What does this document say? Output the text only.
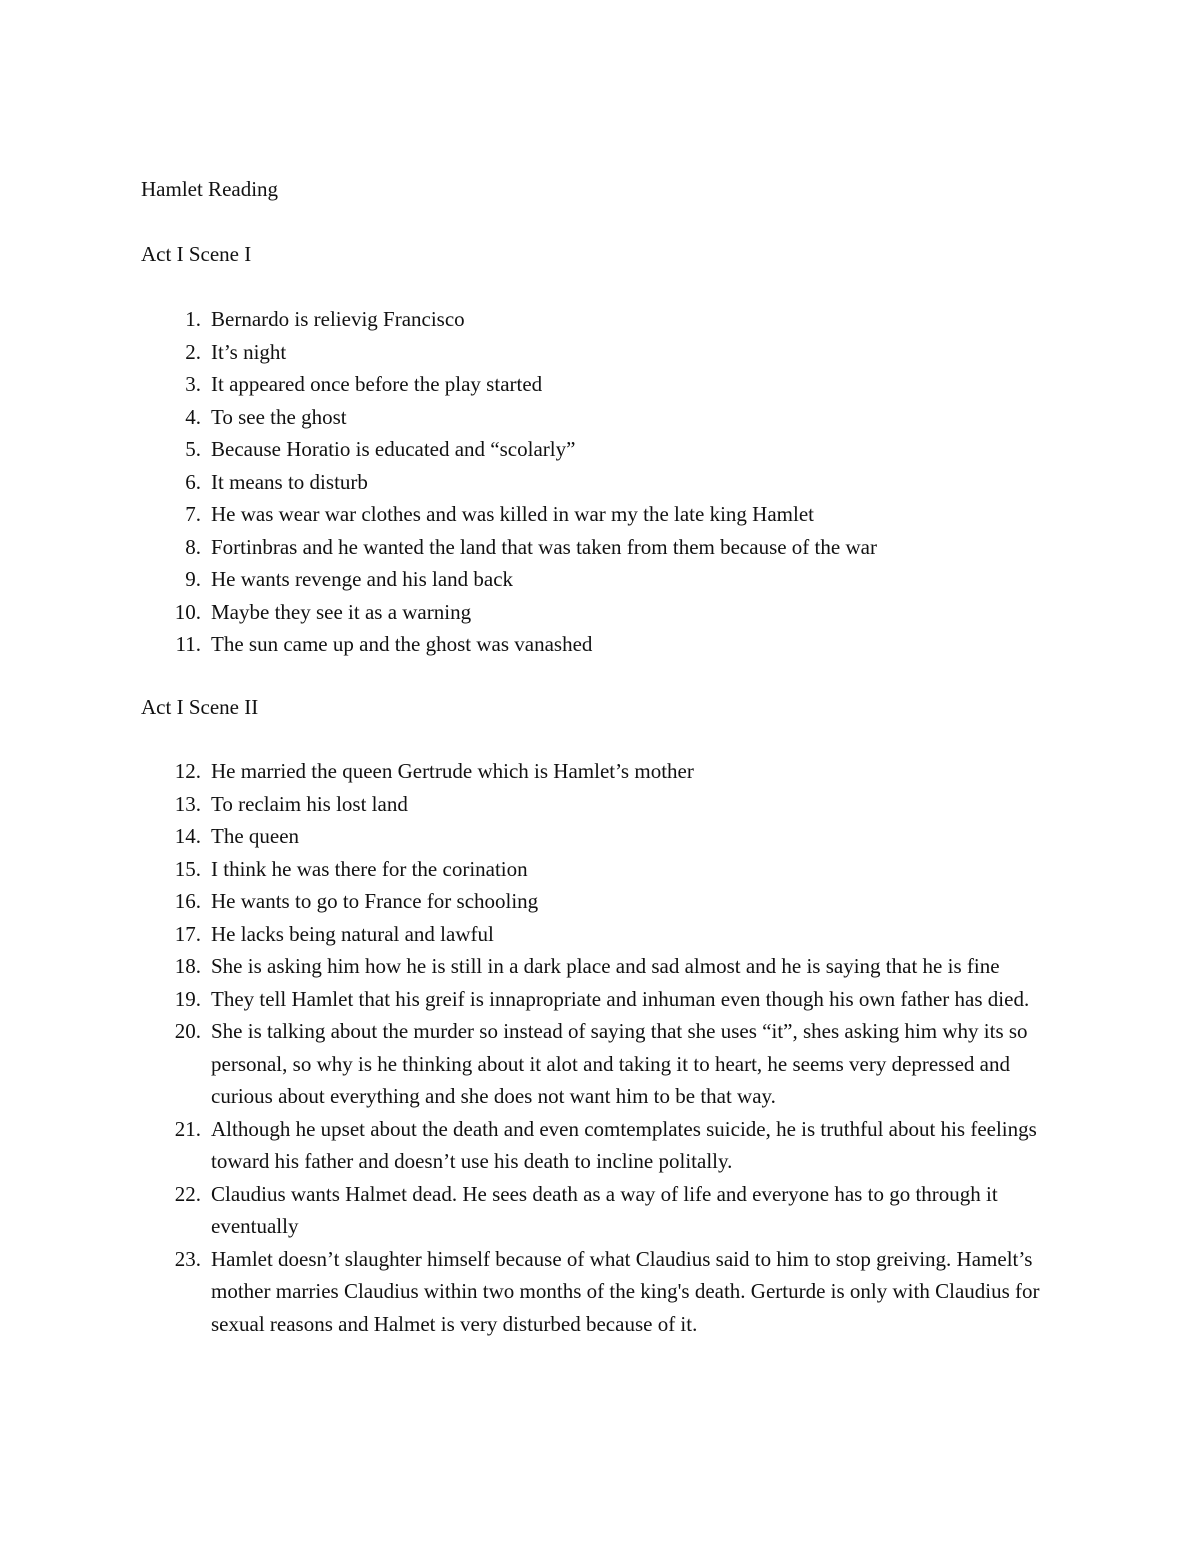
Hamlet Reading
Act I Scene I
1. Bernardo is relievig Francisco
2. It’s night
3. It appeared once before the play started
4. To see the ghost
5. Because Horatio is educated and “scolarly”
6. It means to disturb
7. He was wear war clothes and was killed in war my the late king Hamlet
8. Fortinbras and he wanted the land that was taken from them because of the war
9. He wants revenge and his land back
10. Maybe they see it as a warning
11. The sun came up and the ghost was vanashed
Act I Scene II
12. He married the queen Gertrude which is Hamlet’s mother
13. To reclaim his lost land
14. The queen
15. I think he was there for the corination
16. He wants to go to France for schooling
17. He lacks being natural and lawful
18. She is asking him how he is still in a dark place and sad almost and he is saying that he is fine
19. They tell Hamlet that his greif is innapropriate and inhuman even though his own father has died.
20. She is talking about the murder so instead of saying that she uses “it”, shes asking him why its so personal, so why is he thinking about it alot and taking it to heart, he seems very depressed and curious about everything and she does not want him to be that way.
21. Although he upset about the death and even comtemplates suicide, he is truthful about his feelings toward his father and doesn’t use his death to incline politally.
22. Claudius wants Halmet dead. He sees death as a way of life and everyone has to go through it eventually
23. Hamlet doesn’t slaughter himself because of what Claudius said to him to stop greiving. Hamelt’s mother marries Claudius within two months of the king's death. Gerturde is only with Claudius for sexual reasons and Halmet is very disturbed because of it.
